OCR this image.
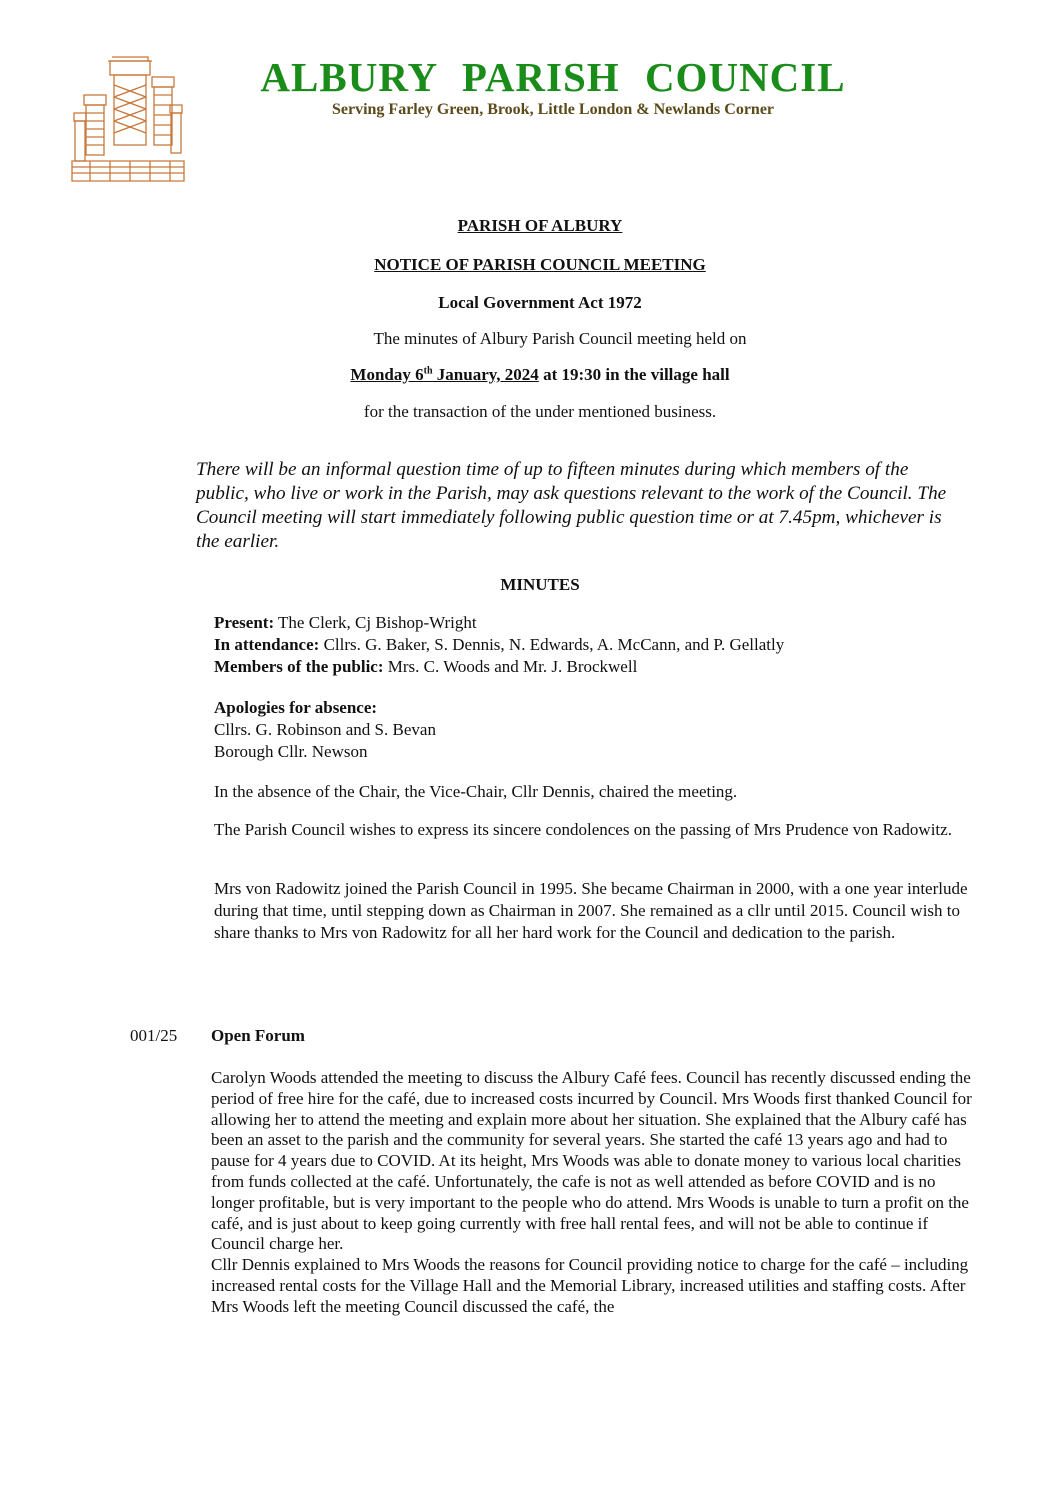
ALBURY PARISH COUNCIL
Serving Farley Green, Brook, Little London & Newlands Corner
PARISH OF ALBURY
NOTICE OF PARISH COUNCIL MEETING
Local Government Act 1972
The minutes of Albury Parish Council meeting held on
Monday 6th January, 2024 at 19:30 in the village hall
for the transaction of the under mentioned business.
There will be an informal question time of up to fifteen minutes during which members of the public, who live or work in the Parish, may ask questions relevant to the work of the Council. The Council meeting will start immediately following public question time or at 7.45pm, whichever is the earlier.
MINUTES
Present: The Clerk, Cj Bishop-Wright
In attendance: Cllrs. G. Baker, S. Dennis, N. Edwards, A. McCann, and P. Gellatly
Members of the public: Mrs. C. Woods and Mr. J. Brockwell
Apologies for absence:
Cllrs. G. Robinson and S. Bevan
Borough Cllr. Newson
In the absence of the Chair, the Vice-Chair, Cllr Dennis, chaired the meeting.
The Parish Council wishes to express its sincere condolences on the passing of Mrs Prudence von Radowitz.
Mrs von Radowitz joined the Parish Council in 1995. She became Chairman in 2000, with a one year interlude during that time, until stepping down as Chairman in 2007. She remained as a cllr until 2015. Council wish to share thanks to Mrs von Radowitz for all her hard work for the Council and dedication to the parish.
001/25 Open Forum
Carolyn Woods attended the meeting to discuss the Albury Café fees. Council has recently discussed ending the period of free hire for the café, due to increased costs incurred by Council. Mrs Woods first thanked Council for allowing her to attend the meeting and explain more about her situation. She explained that the Albury café has been an asset to the parish and the community for several years. She started the café 13 years ago and had to pause for 4 years due to COVID. At its height, Mrs Woods was able to donate money to various local charities from funds collected at the café. Unfortunately, the cafe is not as well attended as before COVID and is no longer profitable, but is very important to the people who do attend. Mrs Woods is unable to turn a profit on the café, and is just about to keep going currently with free hall rental fees, and will not be able to continue if Council charge her.
Cllr Dennis explained to Mrs Woods the reasons for Council providing notice to charge for the café – including increased rental costs for the Village Hall and the Memorial Library, increased utilities and staffing costs. After Mrs Woods left the meeting Council discussed the café, the
